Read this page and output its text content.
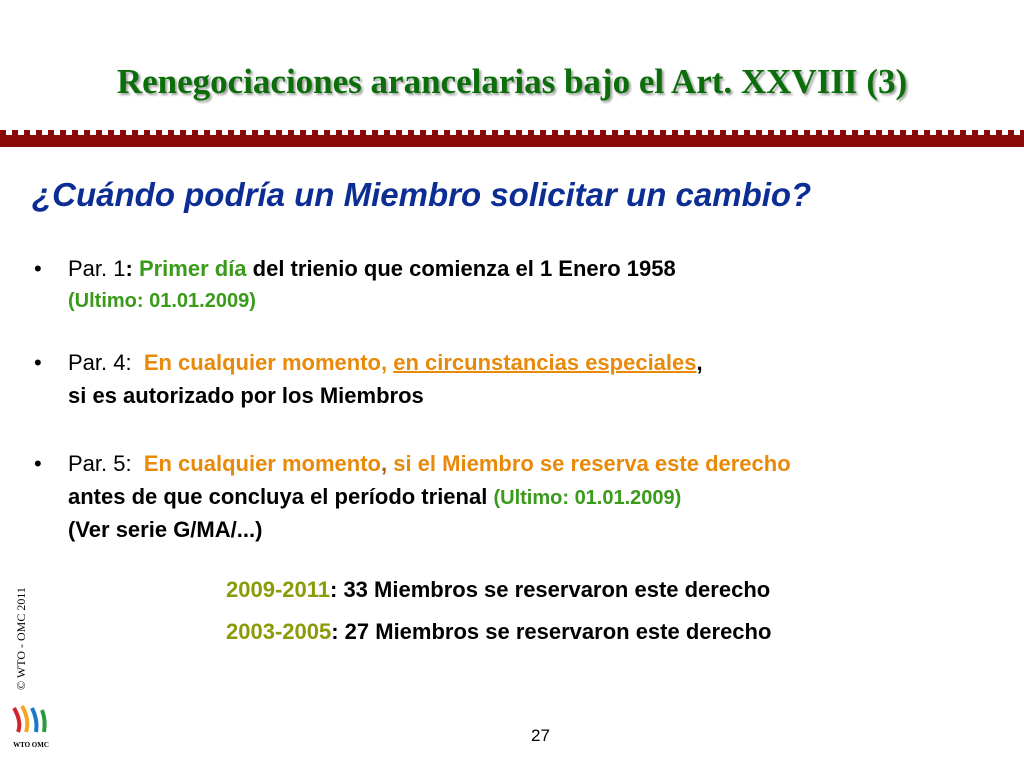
Renegociaciones arancelarias bajo el Art. XXVIII (3)
¿Cuándo podría un Miembro solicitar un cambio?
• Par. 1: Primer día del trienio que comienza el 1 Enero 1958
(Ultimo: 01.01.2009)
• Par. 4: En cualquier momento, en circunstancias especiales,
si es autorizado por los Miembros
• Par. 5: En cualquier momento, si el Miembro se reserva este derecho
antes de que concluya el período trienal (Ultimo: 01.01.2009)
(Ver serie G/MA/...)
2009-2011: 33 Miembros se reservaron este derecho
2003-2005: 27 Miembros se reservaron este derecho
© WTO - OMC 2011
WTO OMC	27
